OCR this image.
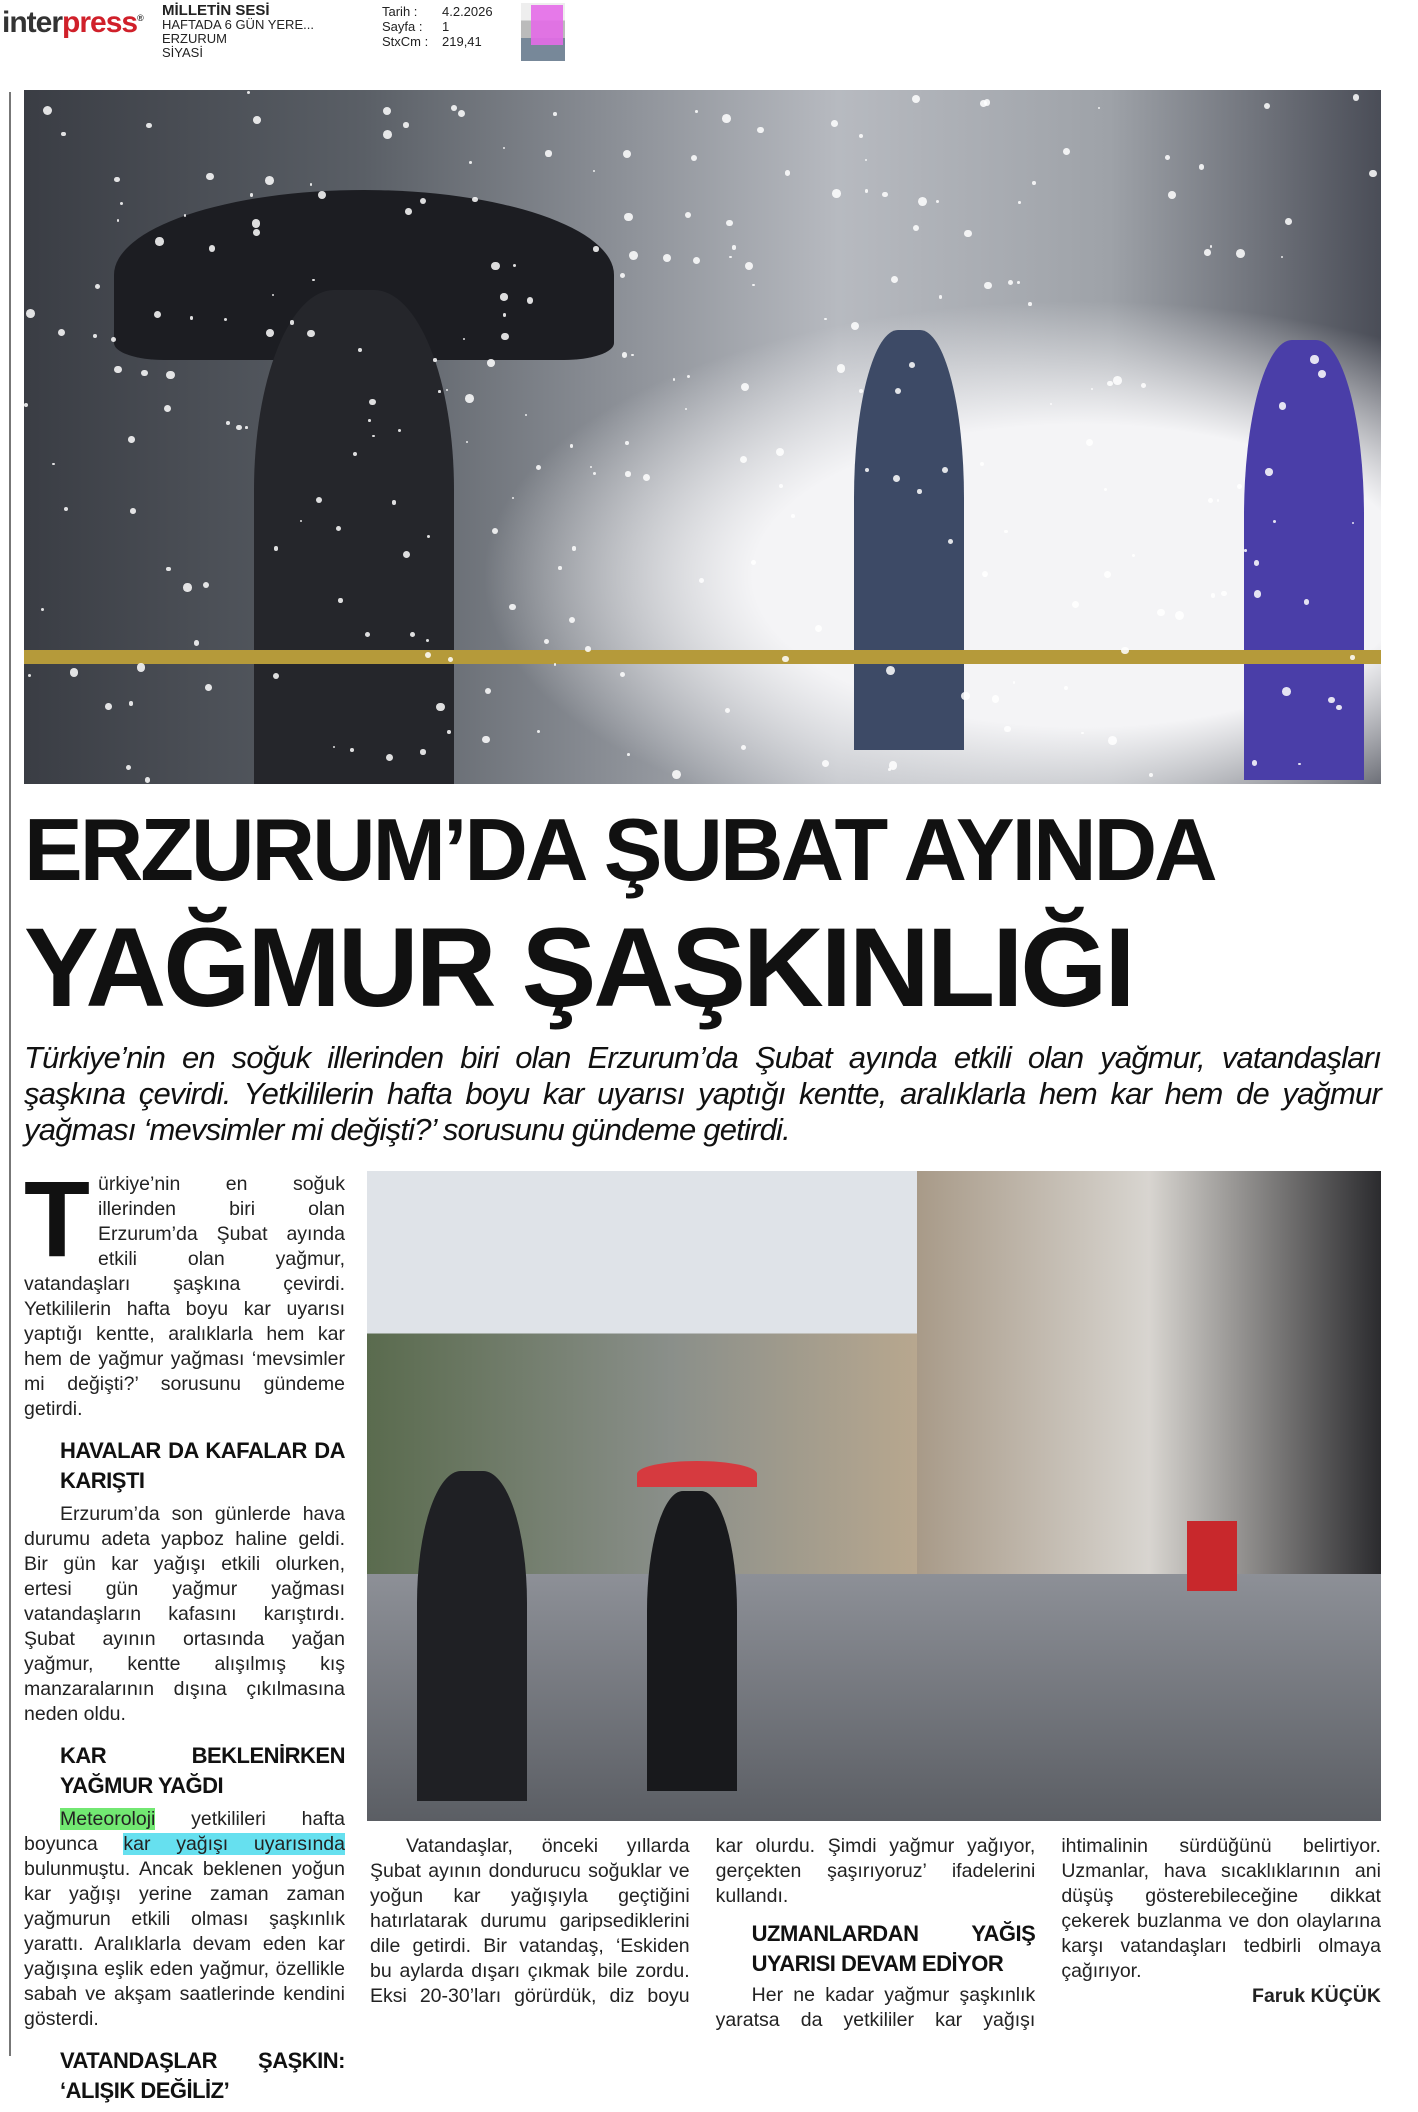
interpress® MİLLETİN SESİ
HAFTADA 6 GÜN YERE...
ERZURUM
SİYASİ
Tarih : 4.2.2026
Sayfa : 1
StxCm : 219,41
ERZURUM’DA ŞUBAT AYINDA
YAĞMUR ŞAŞKINLIĞI
Türkiye’nin en soğuk illerinden biri olan Erzurum’da Şubat ayında etkili olan yağmur, vatandaşları şaşkına çevirdi. Yetkililerin hafta boyu kar uyarısı yaptığı kentte, aralıklarla hem kar hem de yağmur yağması ‘mevsimler mi değişti?’ sorusunu gündeme getirdi.

Türkiye’nin en soğuk illerinden biri olan Erzurum’da Şubat ayında etkili olan yağmur, vatandaşları şaşkına çevirdi. Yetkililerin hafta boyu kar uyarısı yaptığı kentte, aralıklarla hem kar hem de yağmur yağması ‘mevsimler mi değişti?’ sorusunu gündeme getirdi.

HAVALAR DA KAFALAR DA KARIŞTI

Erzurum’da son günlerde hava durumu adeta yapboz haline geldi. Bir gün kar yağışı etkili olurken, ertesi gün yağmur yağması vatandaşların kafasını karıştırdı. Şubat ayının ortasında yağan yağmur, kentte alışılmış kış manzaralarının dışına çıkılmasına neden oldu.

KAR BEKLENİRKEN YAĞMUR YAĞDI

Meteoroloji yetkilileri hafta boyunca kar yağışı uyarısında bulunmuştu. Ancak beklenen yoğun kar yağışı yerine zaman zaman yağmurun etkili olması şaşkınlık yarattı. Aralıklarla devam eden kar yağışına eşlik eden yağmur, özellikle sabah ve akşam saatlerinde kendini gösterdi.

VATANDAŞLAR ŞAŞKIN: ‘ALIŞIK DEĞİLİZ’

Vatandaşlar, önceki yıllarda Şubat ayının dondurucu soğuklar ve yoğun kar yağışıyla geçtiğini hatırlatarak durumu garipsediklerini dile getirdi. Bir vatandaş, ‘Eskiden bu aylarda dışarı çıkmak bile zordu. Eksi 20-30’ları görürdük, diz boyu kar olurdu. Şimdi yağmur yağıyor, gerçekten şaşırıyoruz’ ifadelerini kullandı.

UZMANLARDAN YAĞIŞ UYARISI DEVAM EDİYOR

Her ne kadar yağmur şaşkınlık yaratsa da yetkililer kar yağışı ihtimalinin sürdüğünü belirtiyor. Uzmanlar, hava sıcaklıklarının ani düşüş gösterebileceğine dikkat çekerek buzlanma ve don olaylarına karşı vatandaşları tedbirli olmaya çağırıyor.

Faruk KÜÇÜK
